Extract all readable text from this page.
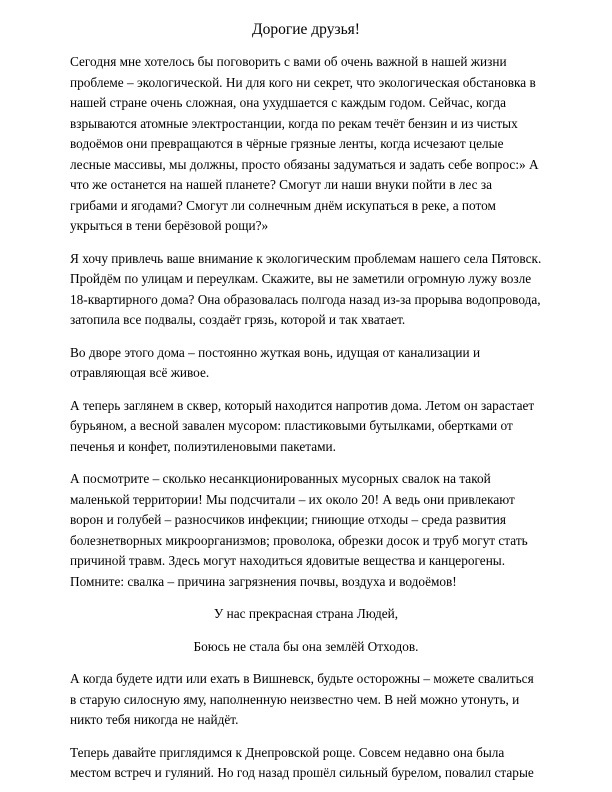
Дорогие друзья!

Сегодня мне хотелось бы поговорить с вами об очень важной в нашей жизни проблеме – экологической. Ни для кого ни секрет, что экологическая обстановка в нашей стране очень сложная, она ухудшается с каждым годом. Сейчас, когда взрываются атомные электростанции, когда по рекам течёт бензин и из чистых водоёмов они превращаются в чёрные грязные ленты, когда исчезают целые лесные массивы, мы должны, просто обязаны задуматься и задать себе вопрос:» А что же останется на нашей планете? Смогут ли наши внуки пойти в лес за грибами и ягодами? Смогут ли солнечным днём искупаться в реке, а потом укрыться в тени берёзовой рощи?»

Я хочу привлечь ваше внимание к экологическим проблемам нашего села Пятовск. Пройдём по улицам и переулкам. Скажите, вы не заметили огромную лужу возле 18-квартирного дома? Она образовалась полгода назад из-за прорыва водопровода, затопила все подвалы, создаёт грязь, которой и так хватает.

Во дворе этого дома – постоянно жуткая вонь, идущая от канализации и отравляющая всё живое.

А теперь заглянем в сквер, который находится напротив дома. Летом он зарастает бурьяном, а весной завален мусором: пластиковыми бутылками, обертками от печенья и конфет, полиэтиленовыми пакетами.

А посмотрите – сколько несанкционированных мусорных свалок на такой маленькой территории! Мы подсчитали – их около 20! А ведь они привлекают ворон и голубей – разносчиков инфекции; гниющие отходы – среда развития болезнетворных микроорганизмов; проволока, обрезки досок и труб могут стать причиной травм. Здесь могут находиться ядовитые вещества и канцерогены. Помните: свалка – причина загрязнения почвы, воздуха и водоёмов!

У нас прекрасная страна Людей,

Боюсь не стала бы она землёй Отходов.

А когда будете идти или ехать в Вишневск, будьте осторожны – можете свалиться в старую силосную яму, наполненную неизвестно чем. В ней можно утонуть, и никто тебя никогда не найдёт.

Теперь давайте приглядимся к Днепровской роще. Совсем недавно она была местом встреч и гуляний. Но год назад прошёл сильный бурелом, повалил старые
